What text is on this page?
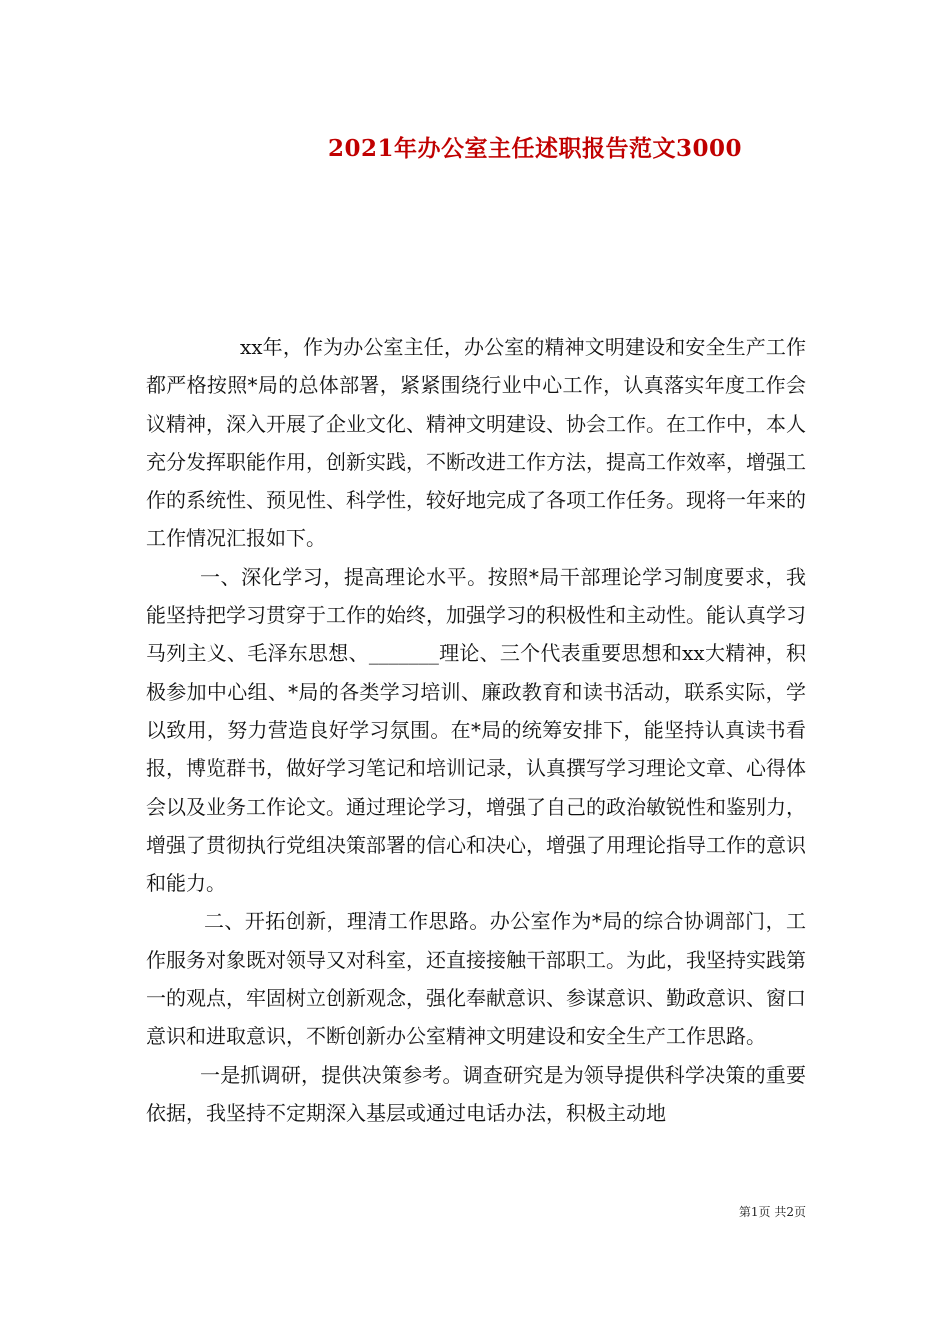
2021年办公室主任述职报告范文3000

xx年，作为办公室主任，办公室的精神文明建设和安全生产工作都严格按照*局的总体部署，紧紧围绕行业中心工作，认真落实年度工作会议精神，深入开展了企业文化、精神文明建设、协会工作。在工作中，本人充分发挥职能作用，创新实践，不断改进工作方法，提高工作效率，增强工作的系统性、预见性、科学性，较好地完成了各项工作任务。现将一年来的工作情况汇报如下。

一、深化学习，提高理论水平。按照*局干部理论学习制度要求，我能坚持把学习贯穿于工作的始终，加强学习的积极性和主动性。能认真学习马列主义、毛泽东思想、_______理论、三个代表重要思想和xx大精神，积极参加中心组、*局的各类学习培训、廉政教育和读书活动，联系实际，学以致用，努力营造良好学习氛围。在*局的统筹安排下，能坚持认真读书看报，博览群书，做好学习笔记和培训记录，认真撰写学习理论文章、心得体会以及业务工作论文。通过理论学习，增强了自己的政治敏锐性和鉴别力，增强了贯彻执行党组决策部署的信心和决心，增强了用理论指导工作的意识和能力。

二、开拓创新，理清工作思路。办公室作为*局的综合协调部门，工作服务对象既对领导又对科室，还直接接触干部职工。为此，我坚持实践第一的观点，牢固树立创新观念，强化奉献意识、参谋意识、勤政意识、窗口意识和进取意识，不断创新办公室精神文明建设和安全生产工作思路。

一是抓调研，提供决策参考。调查研究是为领导提供科学决策的重要依据，我坚持不定期深入基层或通过电话办法，积极主动地

第1页 共2页
